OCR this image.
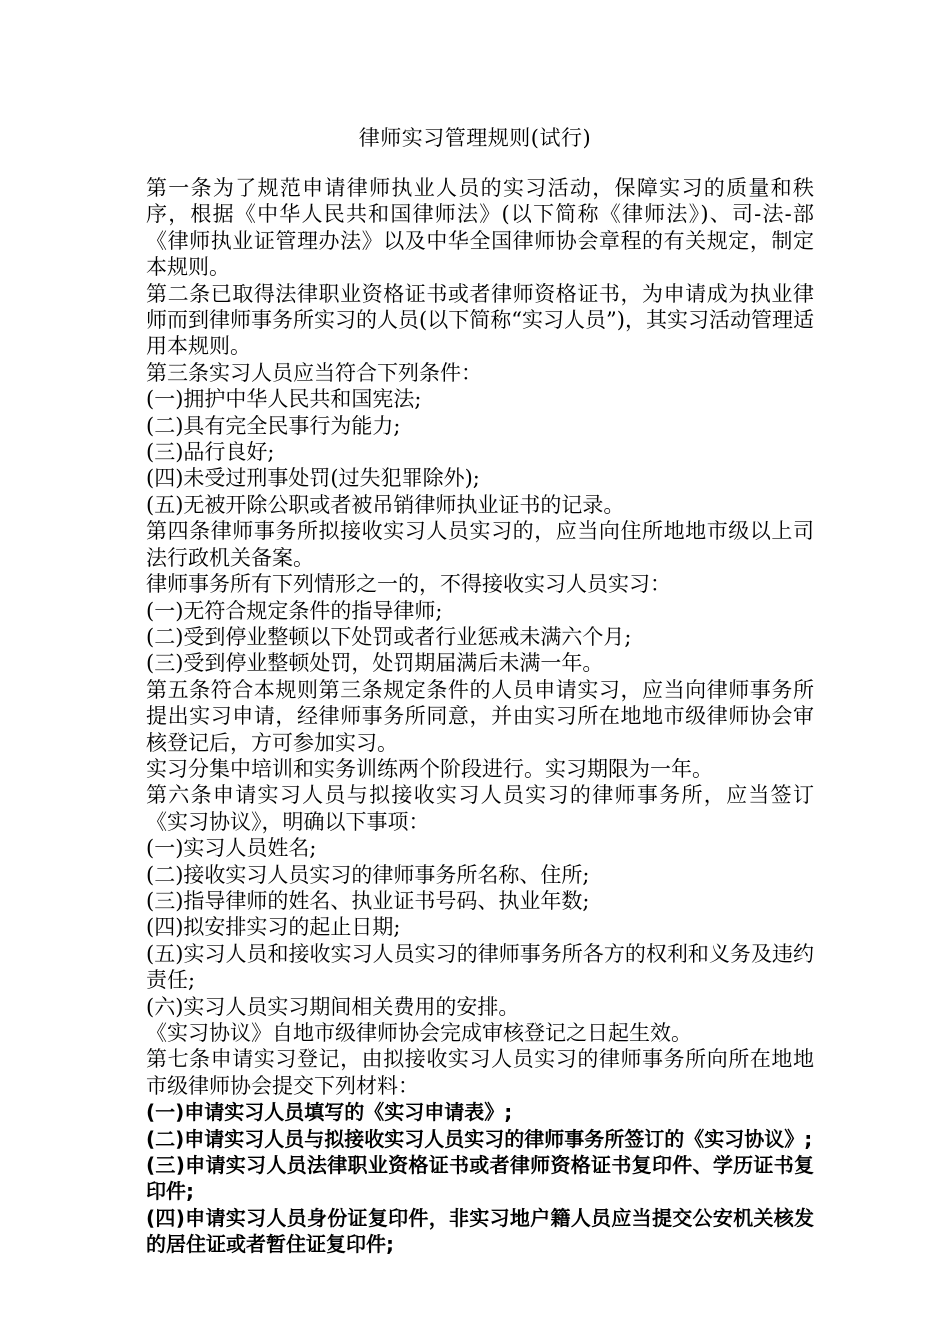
律师实习管理规则(试行)

第一条为了规范申请律师执业人员的实习活动，保障实习的质量和秩序，根据《中华人民共和国律师法》(以下简称《律师法》)、司-法-部《律师执业证管理办法》以及中华全国律师协会章程的有关规定，制定本规则。

第二条已取得法律职业资格证书或者律师资格证书，为申请成为执业律师而到律师事务所实习的人员(以下简称“实习人员”)，其实习活动管理适用本规则。

第三条实习人员应当符合下列条件：

(一)拥护中华人民共和国宪法;

(二)具有完全民事行为能力;

(三)品行良好;

(四)未受过刑事处罚(过失犯罪除外);

(五)无被开除公职或者被吊销律师执业证书的记录。

第四条律师事务所拟接收实习人员实习的，应当向住所地地市级以上司法行政机关备案。

律师事务所有下列情形之一的，不得接收实习人员实习：

(一)无符合规定条件的指导律师;

(二)受到停业整顿以下处罚或者行业惩戒未满六个月;

(三)受到停业整顿处罚，处罚期届满后未满一年。

第五条符合本规则第三条规定条件的人员申请实习，应当向律师事务所提出实习申请，经律师事务所同意，并由实习所在地地市级律师协会审核登记后，方可参加实习。

实习分集中培训和实务训练两个阶段进行。实习期限为一年。

第六条申请实习人员与拟接收实习人员实习的律师事务所，应当签订《实习协议》，明确以下事项：

(一)实习人员姓名;

(二)接收实习人员实习的律师事务所名称、住所;

(三)指导律师的姓名、执业证书号码、执业年数;

(四)拟安排实习的起止日期;

(五)实习人员和接收实习人员实习的律师事务所各方的权利和义务及违约责任;

(六)实习人员实习期间相关费用的安排。

《实习协议》自地市级律师协会完成审核登记之日起生效。

第七条申请实习登记，由拟接收实习人员实习的律师事务所向所在地地市级律师协会提交下列材料：

(一)申请实习人员填写的《实习申请表》;

(二)申请实习人员与拟接收实习人员实习的律师事务所签订的《实习协议》;

(三)申请实习人员法律职业资格证书或者律师资格证书复印件、学历证书复印件;

(四)申请实习人员身份证复印件，非实习地户籍人员应当提交公安机关核发的居住证或者暂住证复印件;
